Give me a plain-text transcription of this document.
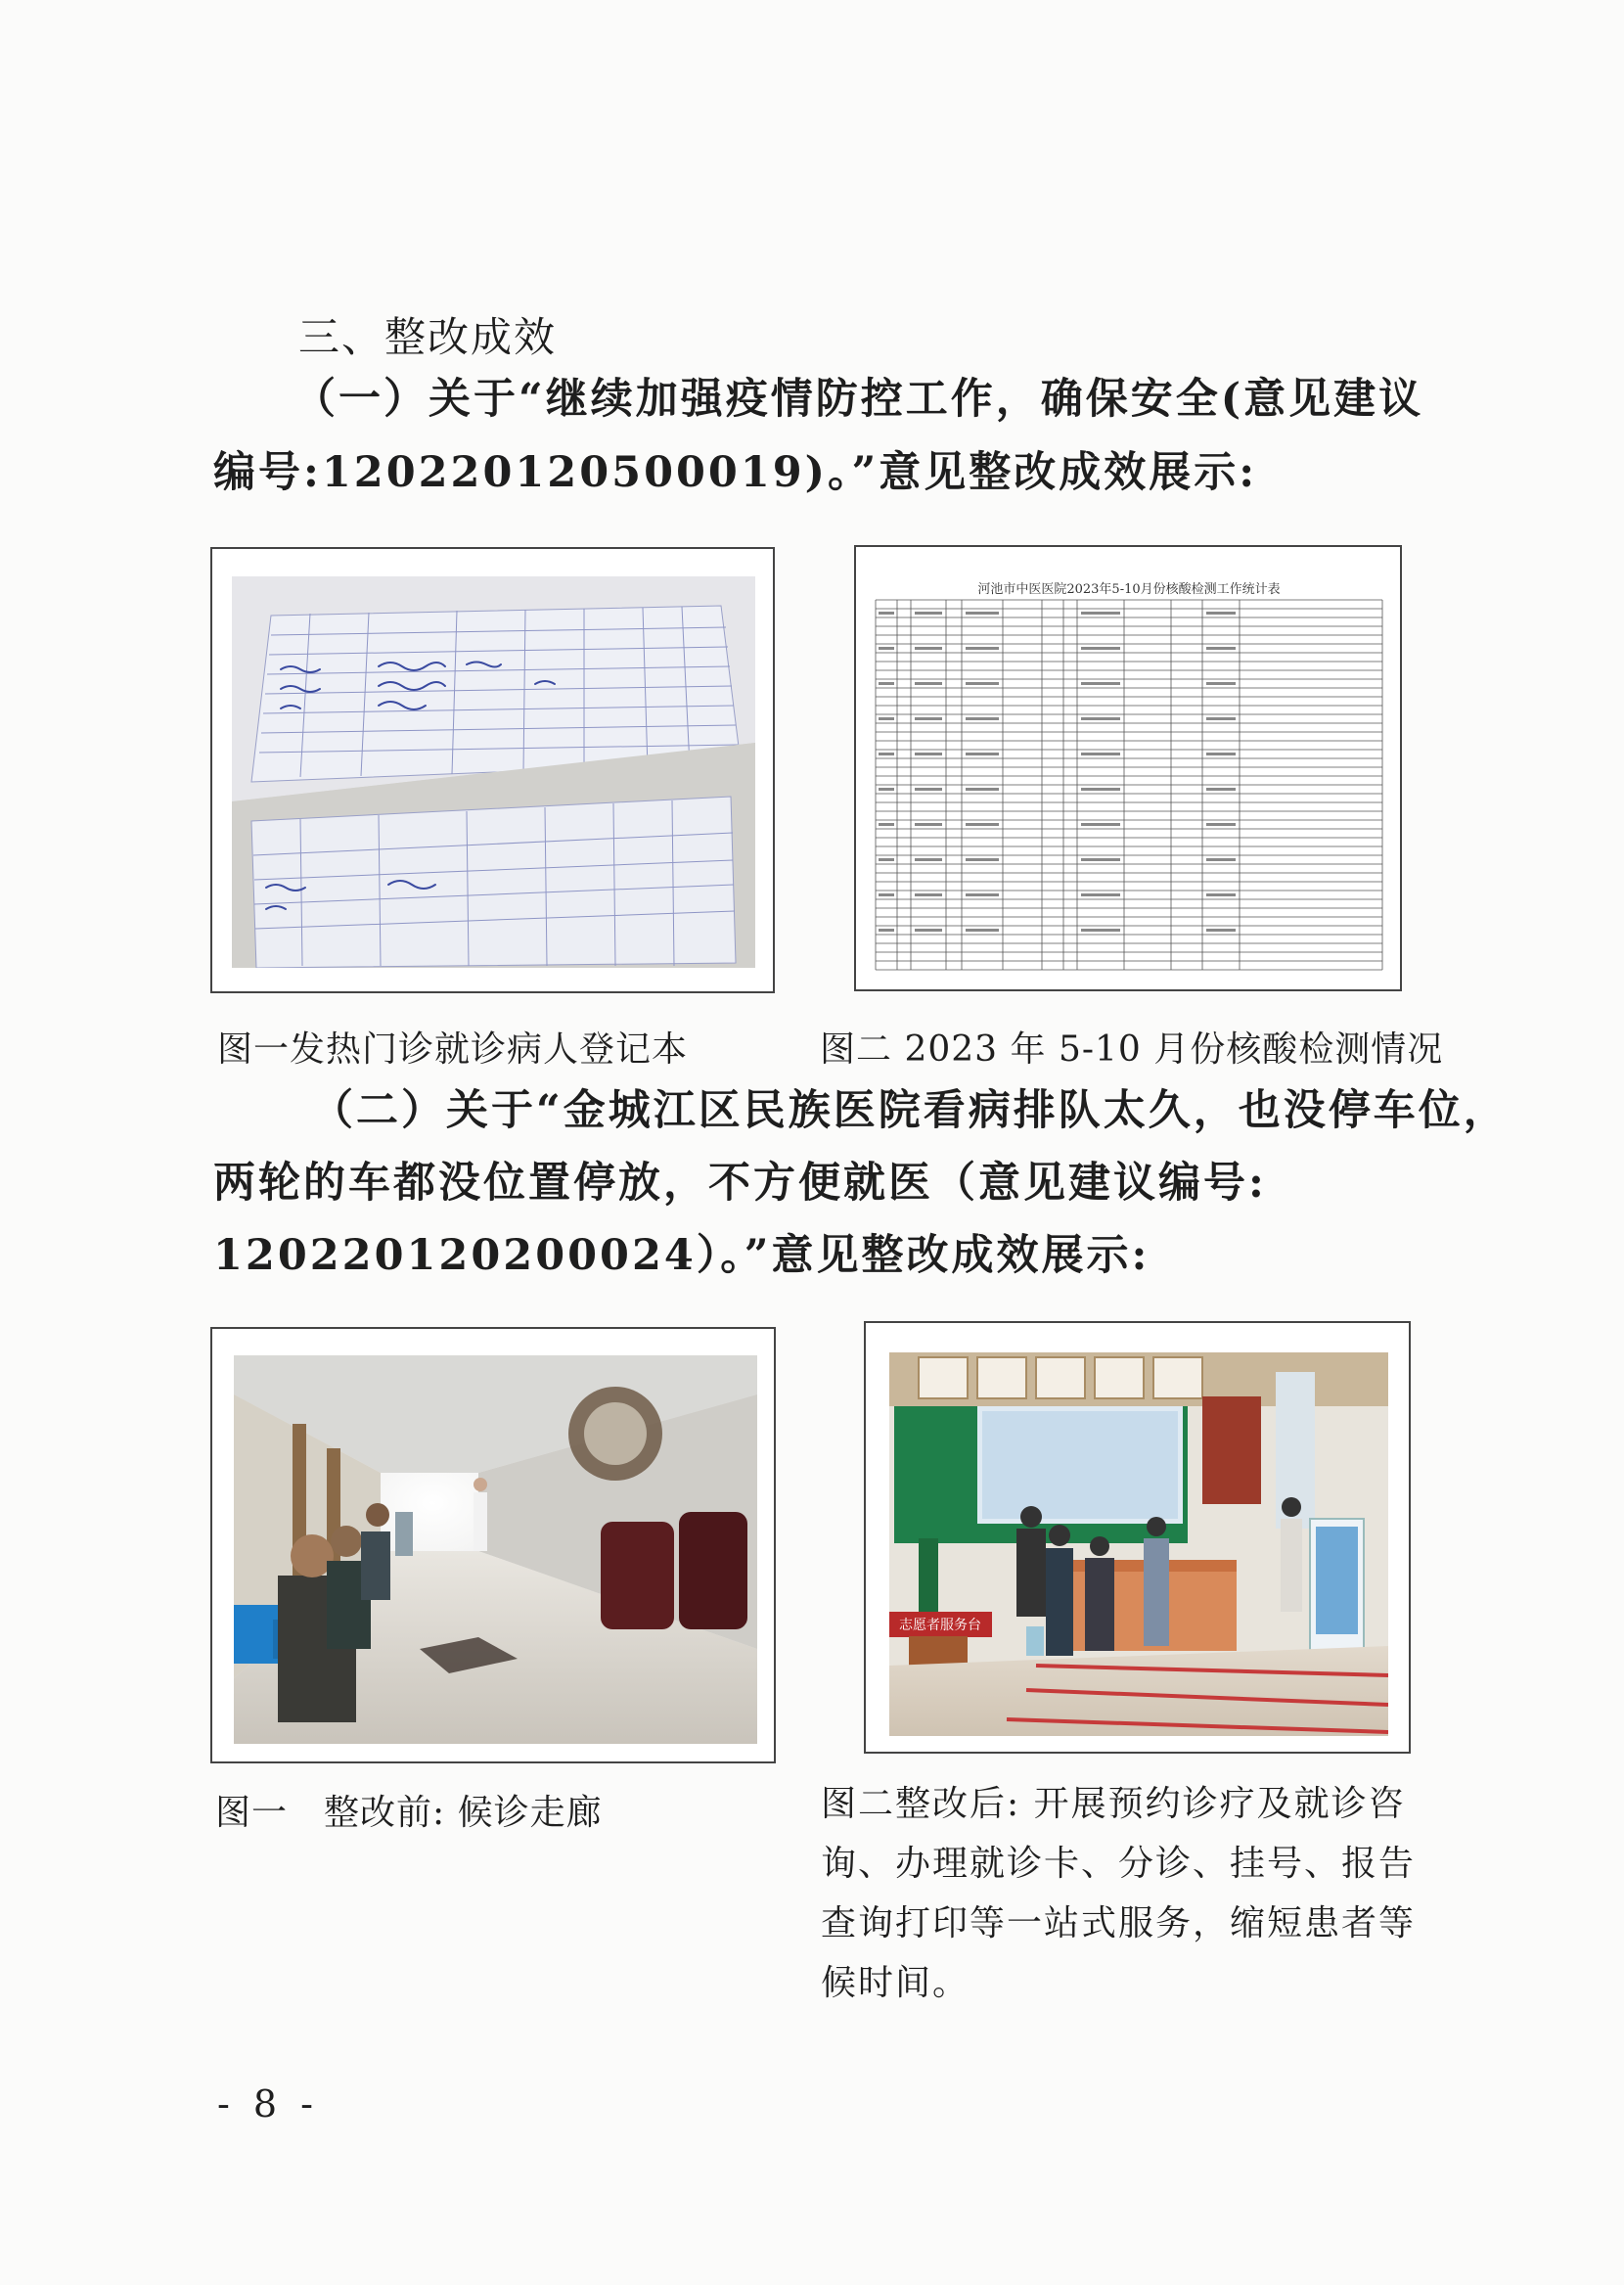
三、整改成效
（一）关于“继续加强疫情防控工作，确保安全(意见建议
编号:120220120500019)。”意见整改成效展示:
河池市中医医院2023年5-10月份核酸检测工作统计表
图一发热门诊就诊病人登记本	图二 2023 年 5-10 月份核酸检测情况
（二）关于“金城江区民族医院看病排队太久，也没停车位，
两轮的车都没位置停放，不方便就医（意见建议编号:
120220120200024）。”意见整改成效展示:
志愿者服务台
图一　整改前: 候诊走廊	图二整改后: 开展预约诊疗及就诊咨
询、办理就诊卡、分诊、挂号、报告
查询打印等一站式服务，缩短患者等
候时间。
- 8 -
